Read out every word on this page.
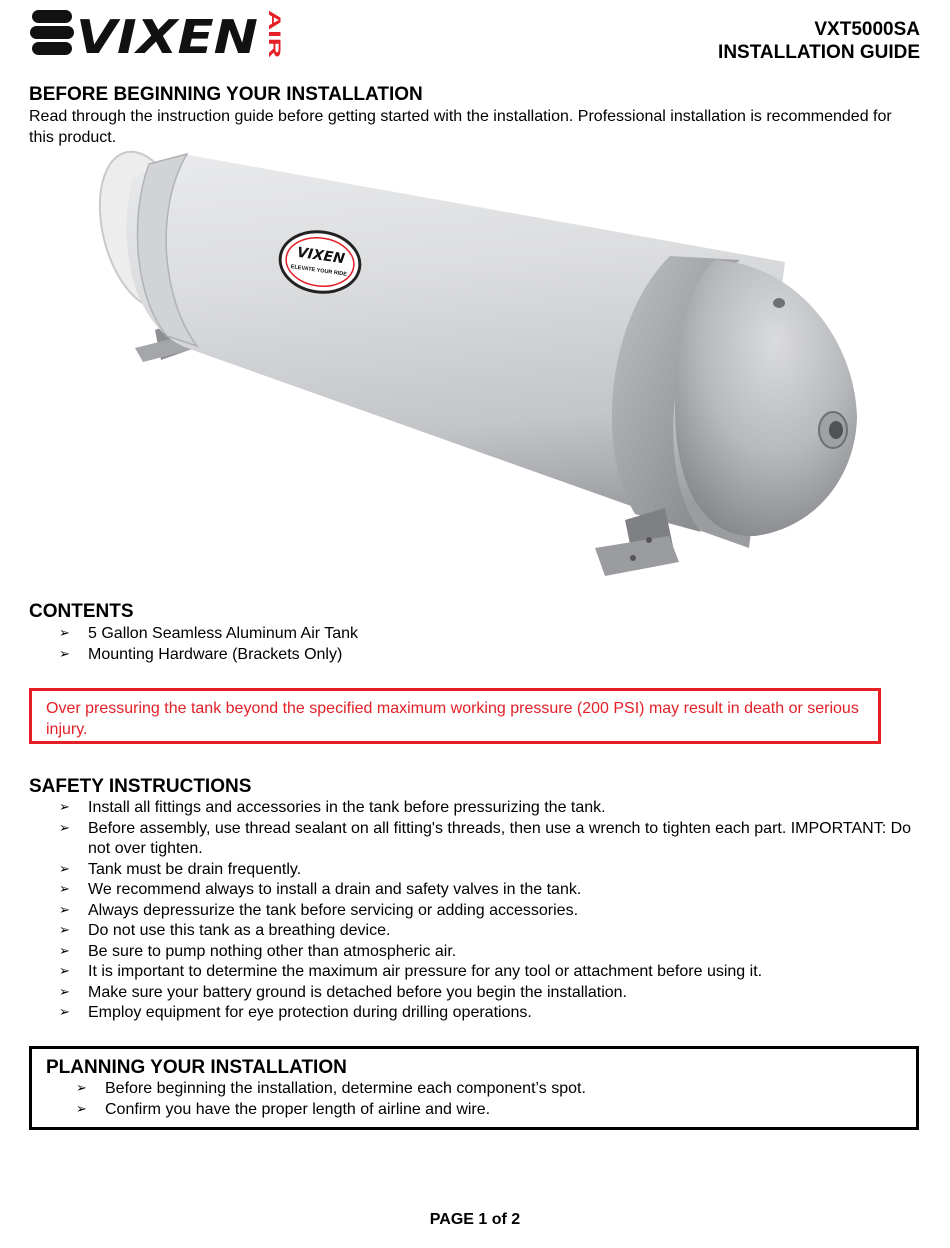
VIXEN AIR	VXT5000SA
INSTALLATION GUIDE
BEFORE BEGINNING YOUR INSTALLATION
Read through the instruction guide before getting started with the installation. Professional installation is recommended for this product.
VIXEN
ELEVATE YOUR RIDE
CONTENTS
➢ 5 Gallon Seamless Aluminum Air Tank
➢ Mounting Hardware (Brackets Only)
Over pressuring the tank beyond the specified maximum working pressure (200 PSI) may result in death or serious injury.
SAFETY INSTRUCTIONS
➢ Install all fittings and accessories in the tank before pressurizing the tank.
➢ Before assembly, use thread sealant on all fitting's threads, then use a wrench to tighten each part. IMPORTANT: Do not over tighten.
➢ Tank must be drain frequently.
➢ We recommend always to install a drain and safety valves in the tank.
➢ Always depressurize the tank before servicing or adding accessories.
➢ Do not use this tank as a breathing device.
➢ Be sure to pump nothing other than atmospheric air.
➢ It is important to determine the maximum air pressure for any tool or attachment before using it.
➢ Make sure your battery ground is detached before you begin the installation.
➢ Employ equipment for eye protection during drilling operations.
PLANNING YOUR INSTALLATION
➢ Before beginning the installation, determine each component’s spot.
➢ Confirm you have the proper length of airline and wire.
PAGE 1 of 2
